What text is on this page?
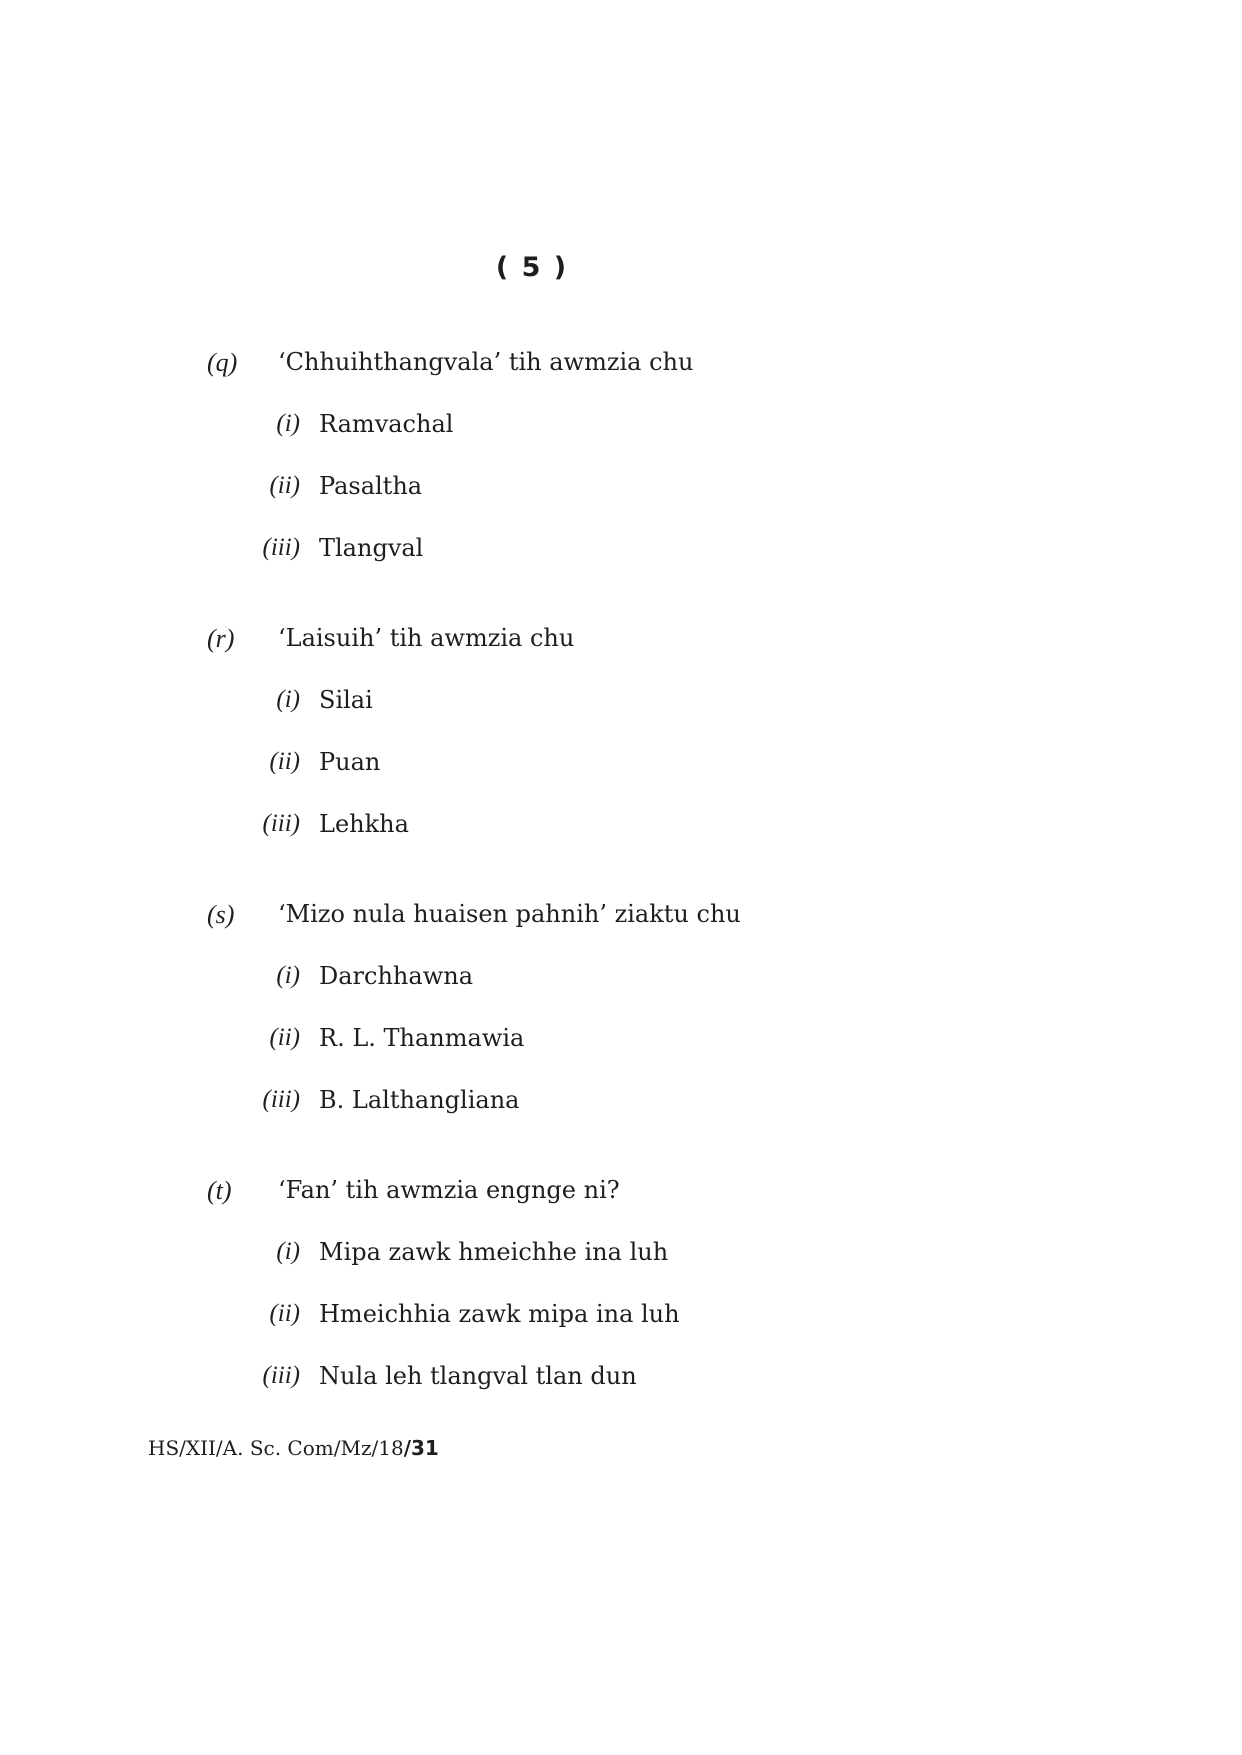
( 5 )
(q) ‘Chhuihthangvala’ tih awmzia chu
(i) Ramvachal
(ii) Pasaltha
(iii) Tlangval
(r) ‘Laisuih’ tih awmzia chu
(i) Silai
(ii) Puan
(iii) Lehkha
(s) ‘Mizo nula huaisen pahnih’ ziaktu chu
(i) Darchhawna
(ii) R. L. Thanmawia
(iii) B. Lalthangliana
(t) ‘Fan’ tih awmzia engnge ni?
(i) Mipa zawk hmeichhe ina luh
(ii) Hmeichhia zawk mipa ina luh
(iii) Nula leh tlangval tlan dun
HS/XII/A. Sc. Com/Mz/18/31
